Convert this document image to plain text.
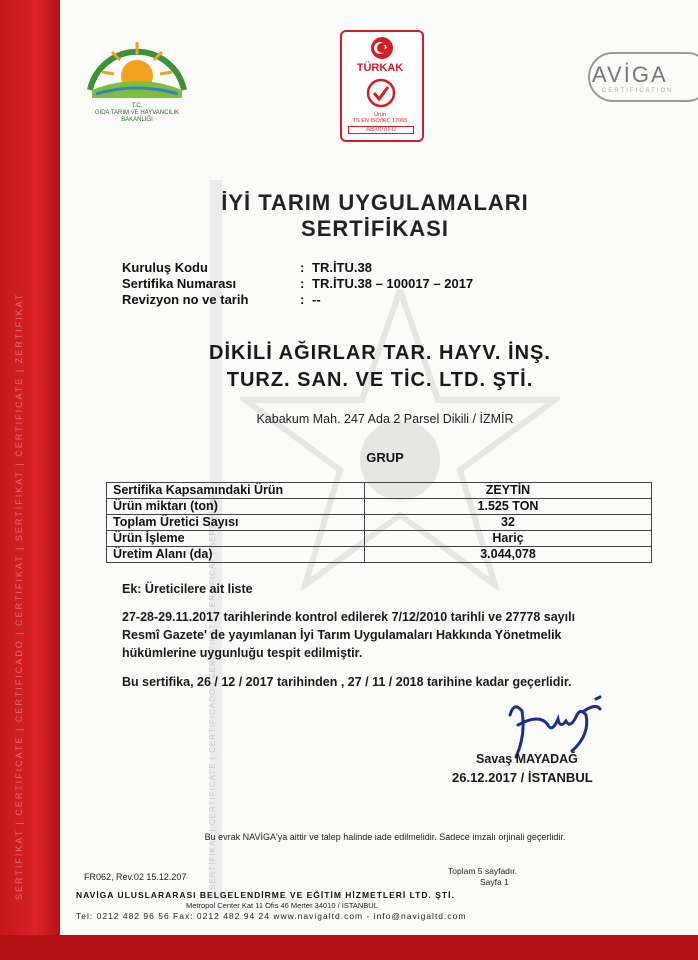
SERTİFİKAT | CERTIFICATE | CERTIFICADO | CERTIFIKAT | SERTİFİKAT | CERTIFICATE | ZERTIFIKAT	SERTİFİKAT | CERTIFICATE | CERTIFICADO | ZERTIFIKAT | CERTIFICAT | SERTİFİKAT
T.C.
GIDA TARIM VE HAYVANCILIK
BAKANLIĞI
TÜRKAK
Ürün
TS EN ISO/IEC 17065
AB-0070-U
AVİGA
CERTIFICATION
İYİ TARIM UYGULAMALARI
SERTİFİKASI
Kuruluş Kodu	: TR.İTU.38
Sertifika Numarası	: TR.İTU.38 – 100017 – 2017
Revizyon no ve tarih	: --
DİKİLİ AĞIRLAR TAR. HAYV. İNŞ.
TURZ. SAN. VE TİC. LTD. ŞTİ.
Kabakum Mah. 247 Ada 2 Parsel Dikili / İZMİR
GRUP
Sertifika Kapsamındaki Ürün	ZEYTİN
Ürün miktarı (ton)	1.525 TON
Toplam Üretici Sayısı	32
Ürün İşleme	Hariç
Üretim Alanı (da)	3.044,078
Ek: Üreticilere ait liste
27-28-29.11.2017 tarihlerinde kontrol edilerek 7/12/2010 tarihli ve 27778 sayılı
Resmî Gazete' de yayımlanan İyi Tarım Uygulamaları Hakkında Yönetmelik
hükümlerine uygunluğu tespit edilmiştir.
Bu sertifika, 26 / 12 / 2017 tarihinden , 27 / 11 / 2018 tarihine kadar geçerlidir.
Savaş MAYADAĞ
26.12.2017 / İSTANBUL
Bu evrak NAVİGA'ya aittir ve talep halinde iade edilmelidir. Sadece imzalı orjinali geçerlidir.
FR062, Rev.02 15.12.207
Toplam 5 sayfadır.
Sayfa 1
NAVİGA ULUSLARARASI BELGELENDİRME VE EĞİTİM HİZMETLERİ LTD. ŞTİ.
Metropol Center Kat 11 Ofis 46 Merter 34010 / İSTANBUL
Tel: 0212 482 96 56 Fax: 0212 482 94 24 www.navigaltd.com - info@navigaltd.com
